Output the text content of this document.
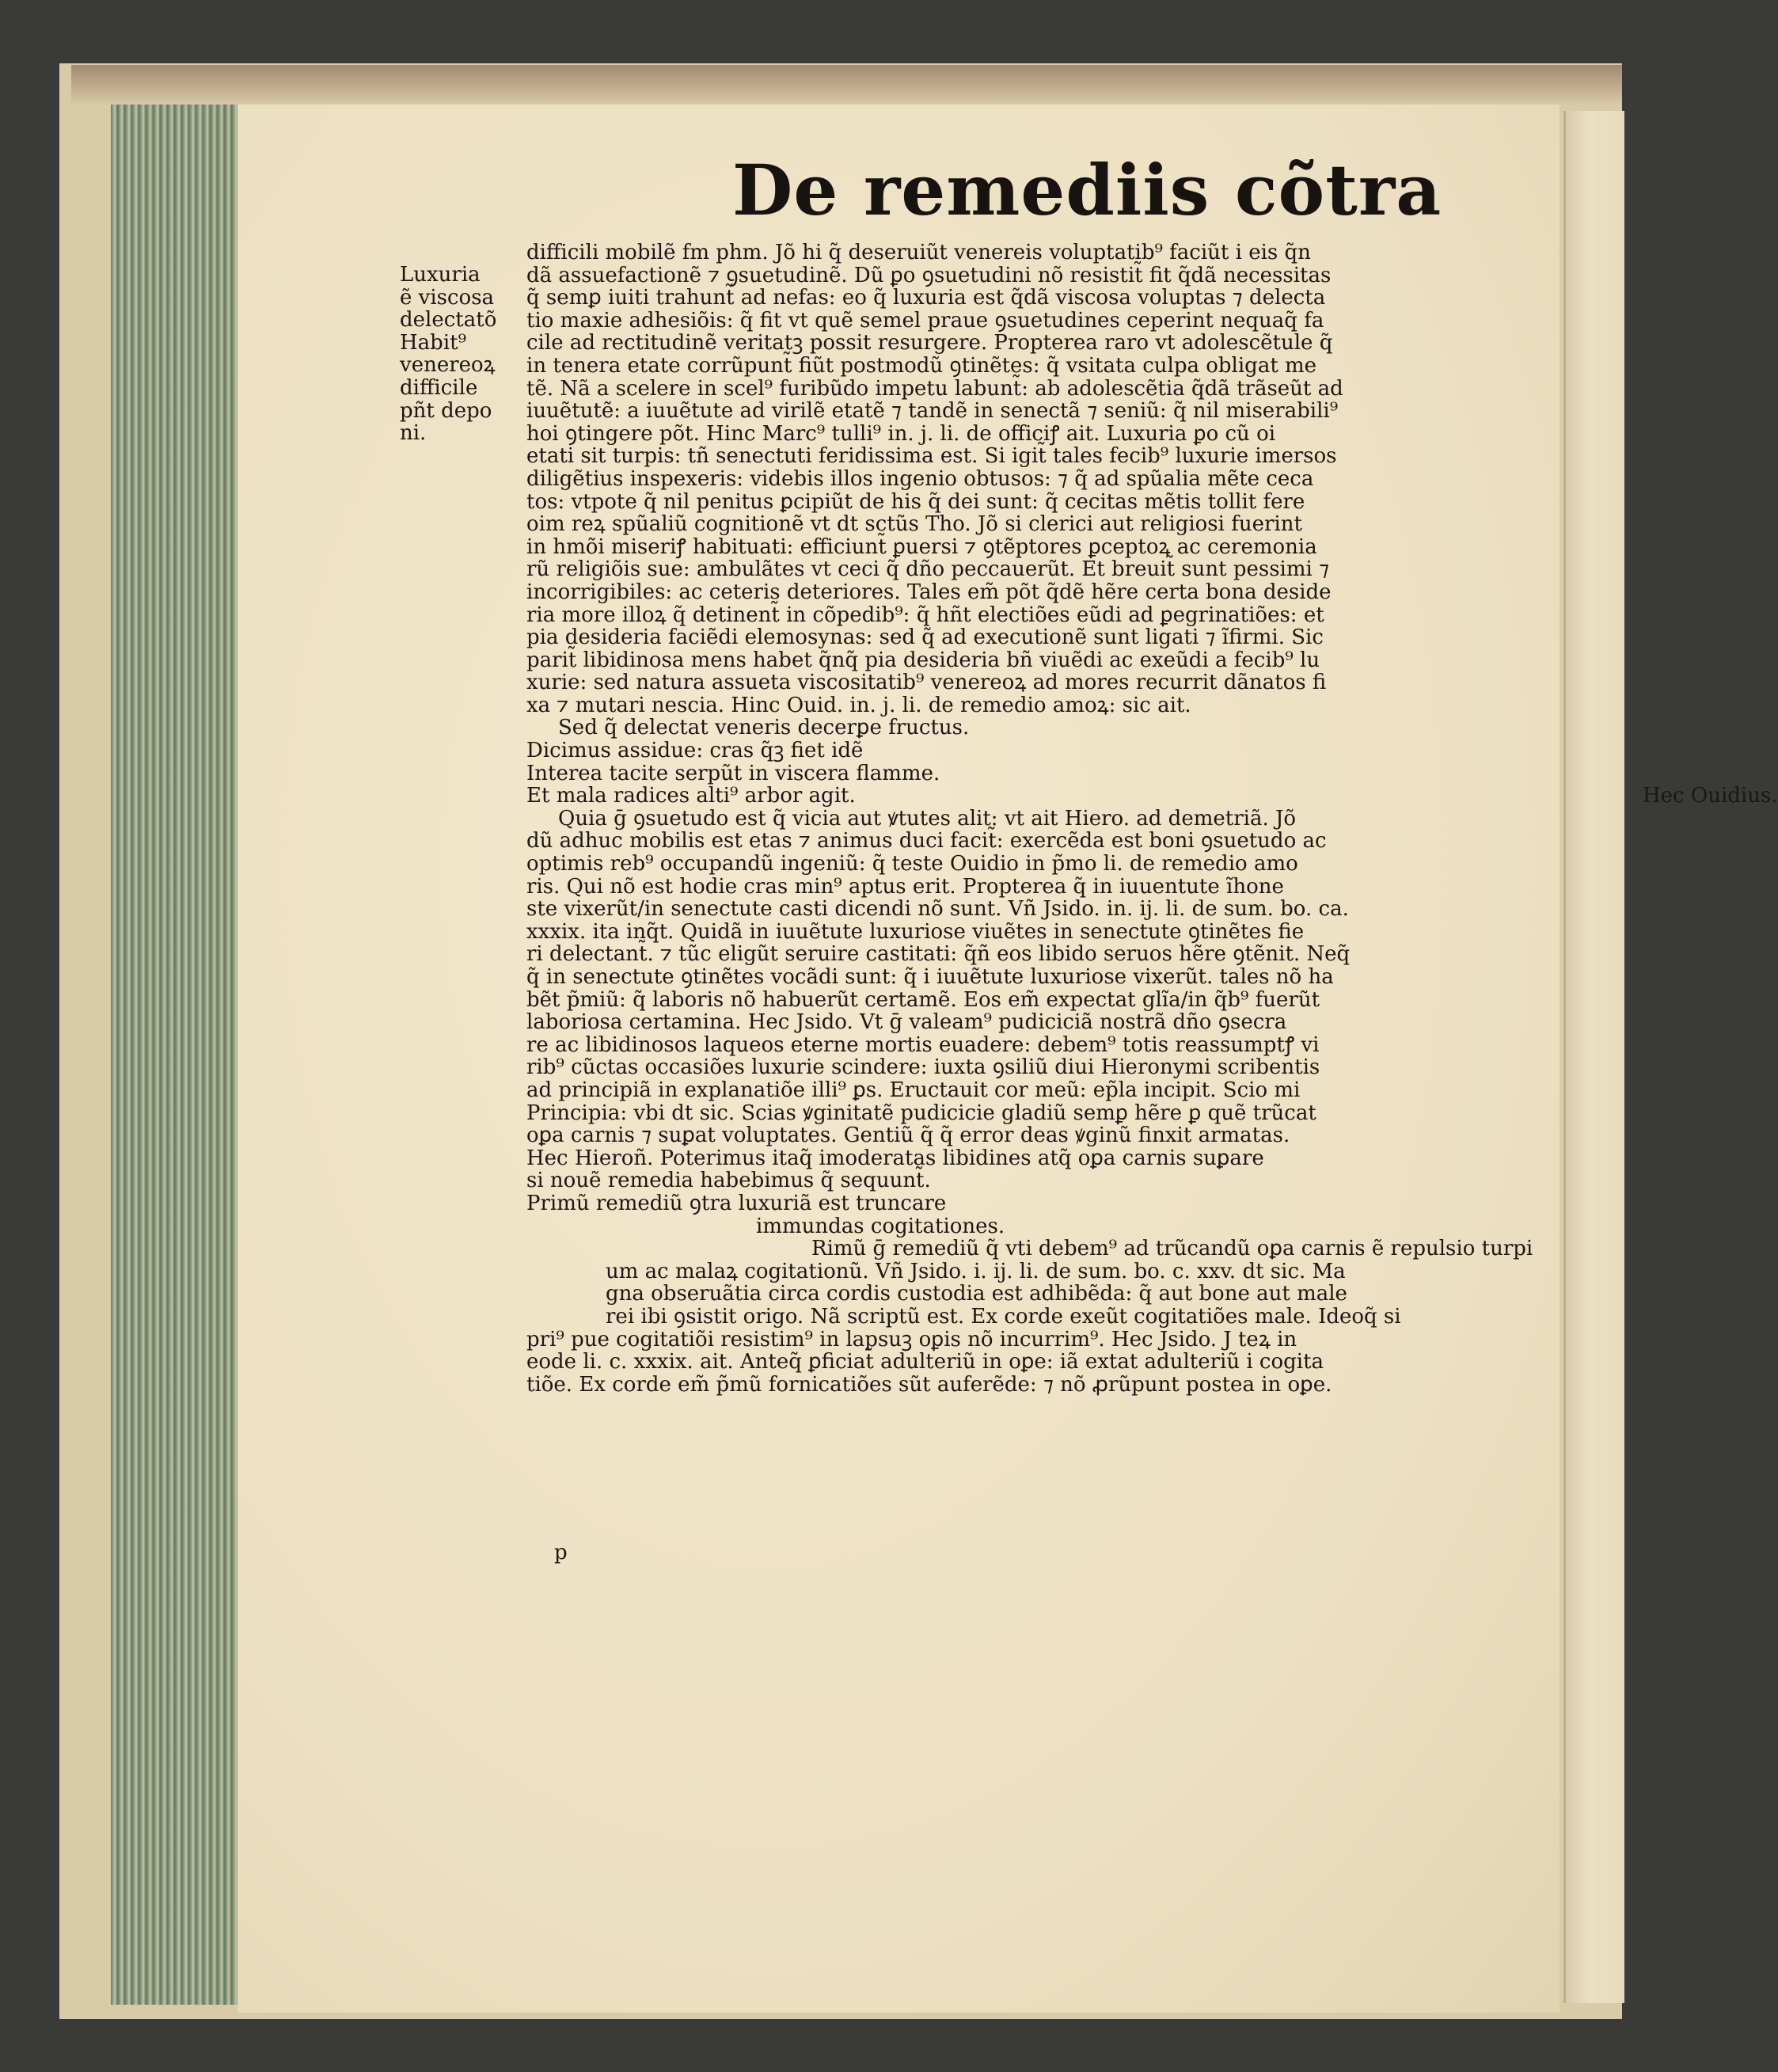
De remediis cõtra
Luxuria
ẽ viscosa
delectatõ
Habit⁹
venereoꝝ
difficile
pñt depo
ni.
p
difficili mobilẽ fm phm. Jõ hi q̃ deseruiũt venereis voluptatib⁹ faciũt i eis q̃n
dã assuefactionẽ ⁊ ꝯsuetudinẽ. Dũ ꝑo ꝯsuetudini nõ resistit̃ fit q̃dã necessitas
q̃ semꝑ iuiti trahunt̃ ad nefas: eo q̃ luxuria est q̃dã viscosa voluptas ⁊ delecta
tio maxie adhesiõis: q̃ fit vt quẽ semel praue ꝯsuetudines ceperint nequaq̃ fa
cile ad rectitudinẽ veritatꝫ possit resurgere. Propterea raro vt adolescẽtule q̃
in tenera etate corrũpunt̃ fiũt postmodũ ꝯtinẽtes: q̃ vsitata culpa obligat me
tẽ. Nã a scelere in scel⁹ furibũdo impetu labunt̃: ab adolescẽtia q̃dã trãseũt ad
iuuẽtutẽ: a iuuẽtute ad virilẽ etatẽ ⁊ tandẽ in senectã ⁊ seniũ: q̃ nil miserabili⁹
hoi ꝯtingere põt. Hinc Marc⁹ tulli⁹ in. j. li. de officiꝭ ait. Luxuria ꝑo cũ oi
etati sit turpis: tñ senectuti feridissima est. Si igit̃ tales fecib⁹ luxurie imersos
diligẽtius inspexeris: videbis illos ingenio obtusos: ⁊ q̃ ad spũalia mẽte ceca
tos: vtpote q̃ nil penitus ꝑcipiũt de his q̃ dei sunt: q̃ cecitas mẽtis tollit fere
oim reꝝ spũaliũ cognitionẽ vt dt sctũs Tho. Jõ si clerici aut religiosi fuerint
in hmõi miseriꝭ habituati: efficiunt̃ ꝑuersi ⁊ ꝯtẽptores ꝑceptoꝝ ac ceremonia
rũ religiõis sue: ambulãtes vt ceci q̃ dño peccauerũt. Et breuit̃ sunt pessimi ⁊
incorrigibiles: ac ceteris deteriores. Tales em̃ põt q̃dẽ hẽre certa bona deside
ria more illoꝝ q̃ detinent̃ in cõpedib⁹: q̃ hñt electiões eũdi ad ꝑegrinatiões: et
pia desideria faciẽdi elemosynas: sed q̃ ad executionẽ sunt ligati ⁊ ĩfirmi. Sic
parit̃ libidinosa mens habet q̃nq̃ pia desideria bñ viuẽdi ac exeũdi a fecib⁹ lu
xurie: sed natura assueta viscositatib⁹ venereoꝝ ad mores recurrit dãnatos fi
xa ⁊ mutari nescia. Hinc Ouid. in. j. li. de remedio amoꝝ: sic ait.
Sed q̃ delectat veneris decerꝑe fructus.
Dicimus assidue: cras q̃ꝫ fiet idẽ
Interea tacite serpũt in viscera flamme.
Et mala radices alti⁹ arbor agit.	Hec Ouidius.
Quia ḡ ꝯsuetudo est q̃ vicia aut ꝟtutes alit: vt ait Hiero. ad demetriã. Jõ
dũ adhuc mobilis est etas ⁊ animus duci facit̃: exercẽda est boni ꝯsuetudo ac
optimis reb⁹ occupandũ ingeniũ: q̃ teste Ouidio in p̃mo li. de remedio amo
ris. Qui nõ est hodie cras min⁹ aptus erit. Propterea q̃ in iuuentute ĩhone
ste vixerũt/in senectute casti dicendi nõ sunt. Vñ Jsido. in. ij. li. de sum. bo. ca.
xxxix. ita inq̃t. Quidã in iuuẽtute luxuriose viuẽtes in senectute ꝯtinẽtes fie
ri delectant̃. ⁊ tũc eligũt seruire castitati: q̃ñ eos libido seruos hẽre ꝯtẽnit. Neq̃
q̃ in senectute ꝯtinẽtes vocãdi sunt: q̃ i iuuẽtute luxuriose vixerũt. tales nõ ha
bẽt p̃miũ: q̃ laboris nõ habuerũt certamẽ. Eos em̃ expectat glĩa/in q̃b⁹ fuerũt
laboriosa certamina. Hec Jsido. Vt ḡ valeam⁹ pudiciciã nostrã dño ꝯsecra
re ac libidinosos laqueos eterne mortis euadere: debem⁹ totis reassumptꝭ vi
rib⁹ cũctas occasiões luxurie scindere: iuxta ꝯsiliũ diui Hieronymi scribentis
ad principiã in explanatiõe illi⁹ ꝑs. Eructauit cor meũ: ep̃la incipit. Scio mi
Principia: vbi dt sic. Scias ꝟginitatẽ pudicicie gladiũ semꝑ hẽre ꝑ quẽ trũcat
oꝑa carnis ⁊ suꝑat voluptates. Gentiũ q̃ q̃ error deas ꝟginũ finxit armatas.
Hec Hieroñ. Poterimus itaq̃ imoderatas libidines atq̃ oꝑa carnis suꝑare
si nouẽ remedia habebimus q̃ sequunt̃.
Primũ remediũ ꝯtra luxuriã est truncare
immundas cogitationes.
Rimũ ḡ remediũ q̃ vti debem⁹ ad trũcandũ oꝑa carnis ẽ repulsio turpi
um ac malaꝝ cogitationũ. Vñ Jsido. i. ij. li. de sum. bo. c. xxv. dt sic. Ma
gna obseruãtia circa cordis custodia est adhibẽda: q̃ aut bone aut male
rei ibi ꝯsistit origo. Nã scriptũ est. Ex corde exeũt cogitatiões male. Ideoq̃ si
pri⁹ pue cogitatiõi resistim⁹ in lapsuꝫ oꝑis nõ incurrim⁹. Hec Jsido. J teꝝ in
eode li. c. xxxix. ait. Anteq̃ ꝑficiat̃ adulteriũ in oꝑe: iã extat adulteriũ i cogita
tiõe. Ex corde em̃ p̃mũ fornicatiões sũt auferẽde: ⁊ nõ ꝓrũpunt postea in oꝑe.
